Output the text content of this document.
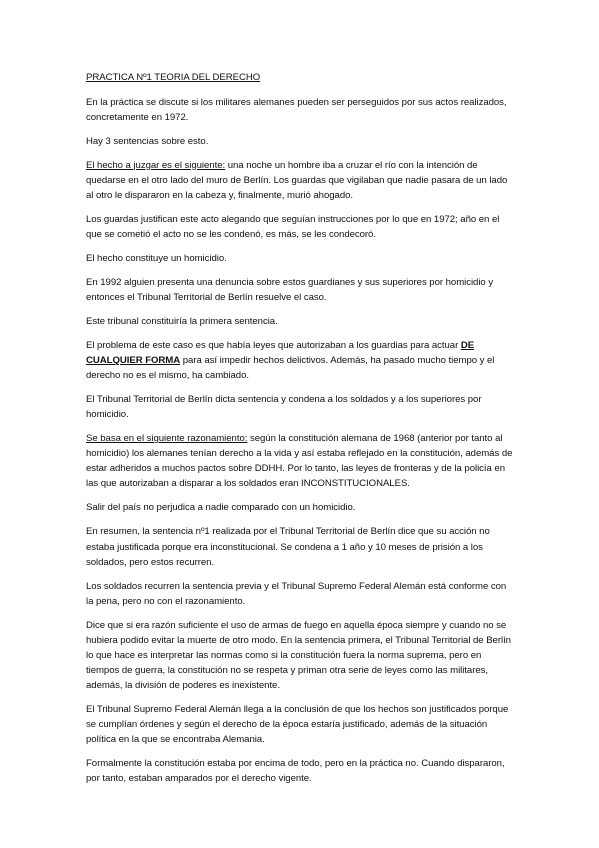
PRACTICA Nº1 TEORIA DEL DERECHO

En la práctica se discute si los militares alemanes pueden ser perseguidos por sus actos realizados, concretamente en 1972.

Hay 3 sentencias sobre esto.

El hecho a juzgar es el siguiente: una noche un hombre iba a cruzar el río con la intención de quedarse en el otro lado del muro de Berlín. Los guardas que vigilaban que nadie pasara de un lado al otro le dispararon en la cabeza y, finalmente, murió ahogado.

Los guardas justifican este acto alegando que seguían instrucciones por lo que en 1972; año en el que se cometió el acto no se les condenó, es más, se les condecoró.

El hecho constituye un homicidio.

En 1992 alguien presenta una denuncia sobre estos guardianes y sus superiores por homicidio y entonces el Tribunal Territorial de Berlín resuelve el caso.

Este tribunal constituiría la primera sentencia.

El problema de este caso es que había leyes que autorizaban a los guardias para actuar DE CUALQUIER FORMA para así impedir hechos delictivos. Además, ha pasado mucho tiempo y el derecho no es el mismo, ha cambiado.

El Tribunal Territorial de Berlín dicta sentencia y condena a los soldados y a los superiores por homicidio.

Se basa en el siguiente razonamiento: según la constitución alemana de 1968 (anterior por tanto al homicidio) los alemanes tenían derecho a la vida y así estaba reflejado en la constitución, además de estar adheridos a muchos pactos sobre DDHH. Por lo tanto, las leyes de fronteras y de la policía en las que autorizaban a disparar a los soldados eran INCONSTITUCIONALES.

Salir del país no perjudica a nadie comparado con un homicidio.

En resumen, la sentencia nº1 realizada por el Tribunal Territorial de Berlín dice que su acción no estaba justificada porque era inconstitucional. Se condena a 1 año y 10 meses de prisión a los soldados, pero estos recurren.

Los soldados recurren la sentencia previa y el Tribunal Supremo Federal Alemán está conforme con la pena, pero no con el razonamiento.

Dice que si era razón suficiente el uso de armas de fuego en aquella época siempre y cuando no se hubiera podido evitar la muerte de otro modo. En la sentencia primera, el Tribunal Territorial de Berlín lo que hace es interpretar las normas como si la constitución fuera la norma suprema, pero en tiempos de guerra, la constitución no se respeta y priman otra serie de leyes como las militares, además, la división de poderes es inexistente.

El Tribunal Supremo Federal Alemán llega a la conclusión de que los hechos son justificados porque se cumplían órdenes y según el derecho de la época estaría justificado, además de la situación política en la que se encontraba Alemania.

Formalmente la constitución estaba por encima de todo, pero en la práctica no. Cuando dispararon, por tanto, estaban amparados por el derecho vigente.
